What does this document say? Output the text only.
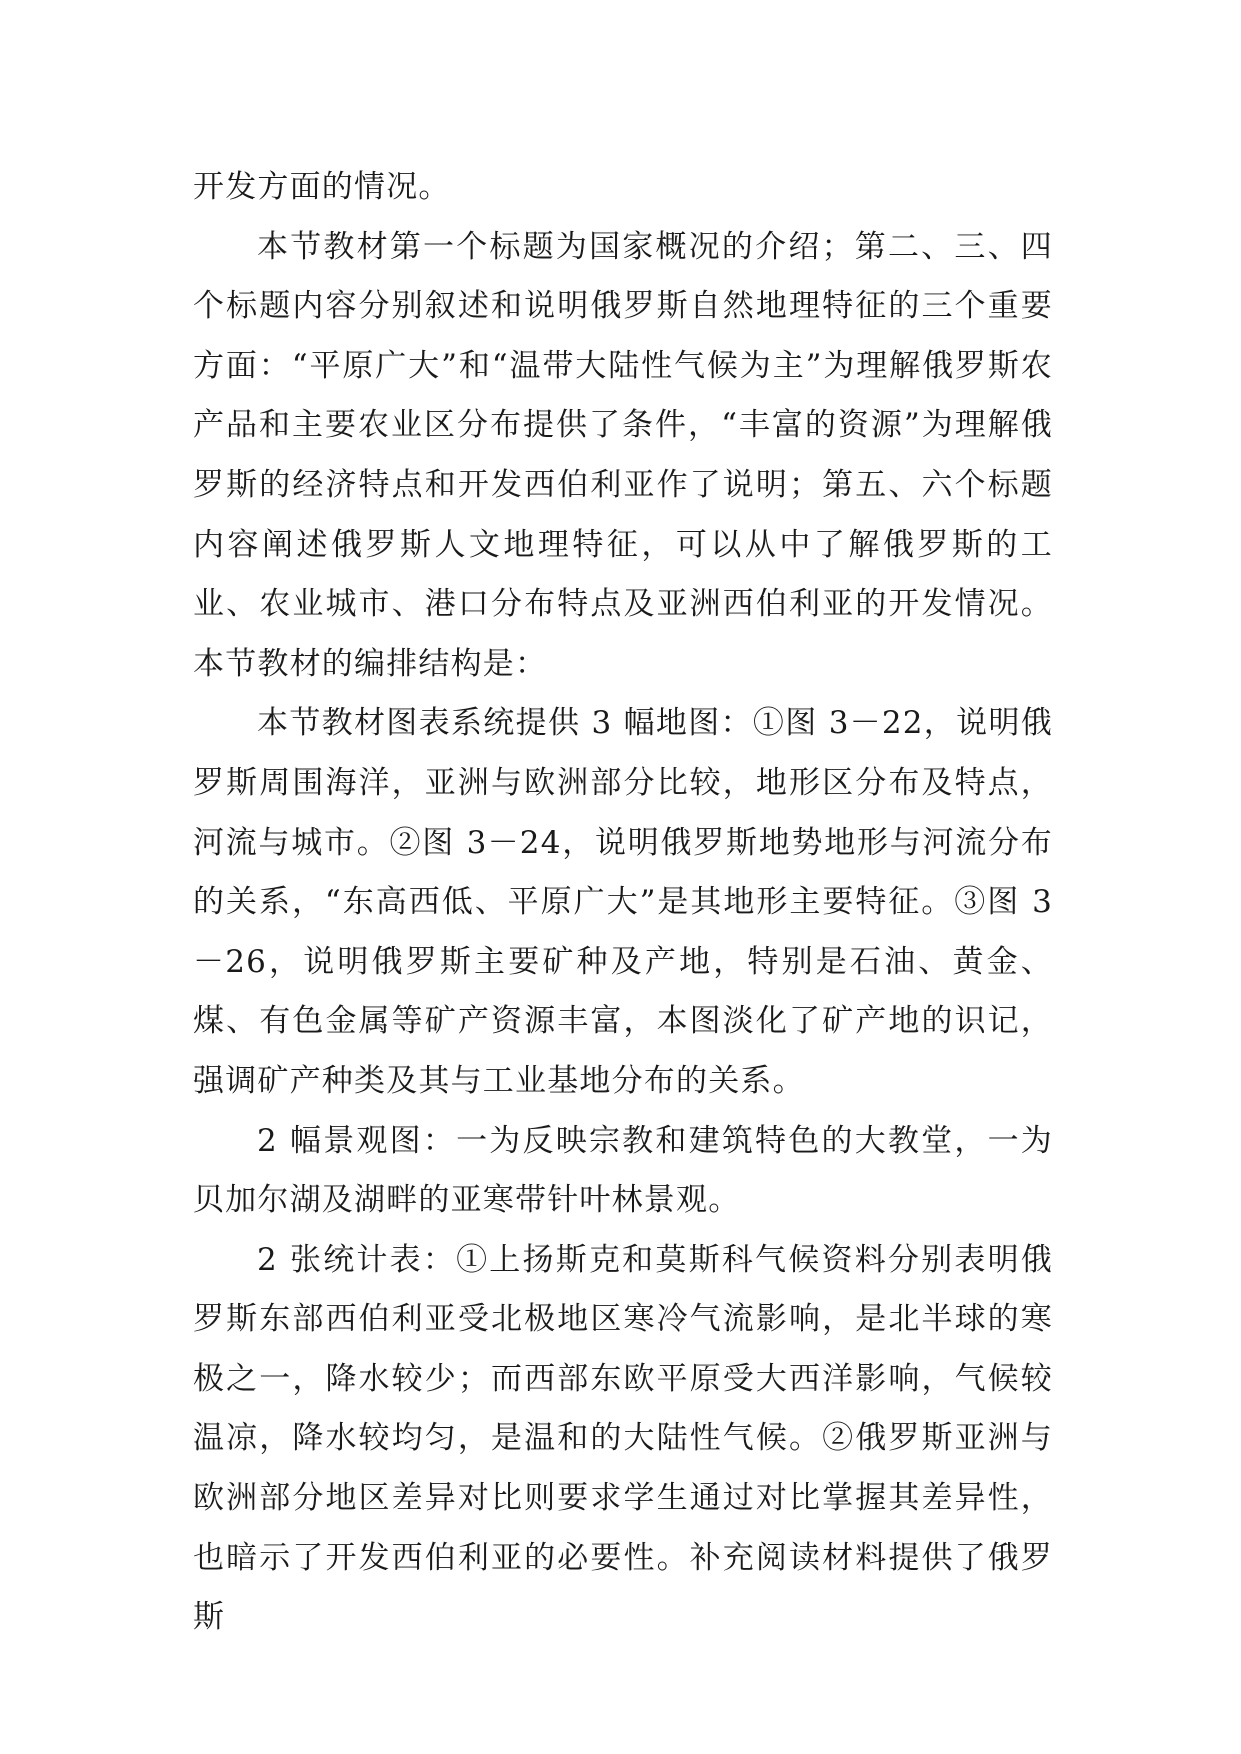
开发方面的情况。

本节教材第一个标题为国家概况的介绍；第二、三、四个标题内容分别叙述和说明俄罗斯自然地理特征的三个重要方面：“平原广大”和“温带大陆性气候为主”为理解俄罗斯农产品和主要农业区分布提供了条件，“丰富的资源”为理解俄罗斯的经济特点和开发西伯利亚作了说明；第五、六个标题内容阐述俄罗斯人文地理特征，可以从中了解俄罗斯的工业、农业城市、港口分布特点及亚洲西伯利亚的开发情况。本节教材的编排结构是：

本节教材图表系统提供 3 幅地图：①图 3－22，说明俄罗斯周围海洋，亚洲与欧洲部分比较，地形区分布及特点，河流与城市。②图 3－24，说明俄罗斯地势地形与河流分布的关系，“东高西低、平原广大”是其地形主要特征。③图 3－26，说明俄罗斯主要矿种及产地，特别是石油、黄金、煤、有色金属等矿产资源丰富，本图淡化了矿产地的识记，强调矿产种类及其与工业基地分布的关系。

2 幅景观图：一为反映宗教和建筑特色的大教堂，一为贝加尔湖及湖畔的亚寒带针叶林景观。

2 张统计表：①上扬斯克和莫斯科气候资料分别表明俄罗斯东部西伯利亚受北极地区寒冷气流影响，是北半球的寒极之一，降水较少；而西部东欧平原受大西洋影响，气候较温凉，降水较均匀，是温和的大陆性气候。②俄罗斯亚洲与欧洲部分地区差异对比则要求学生通过对比掌握其差异性，也暗示了开发西伯利亚的必要性。补充阅读材料提供了俄罗斯
